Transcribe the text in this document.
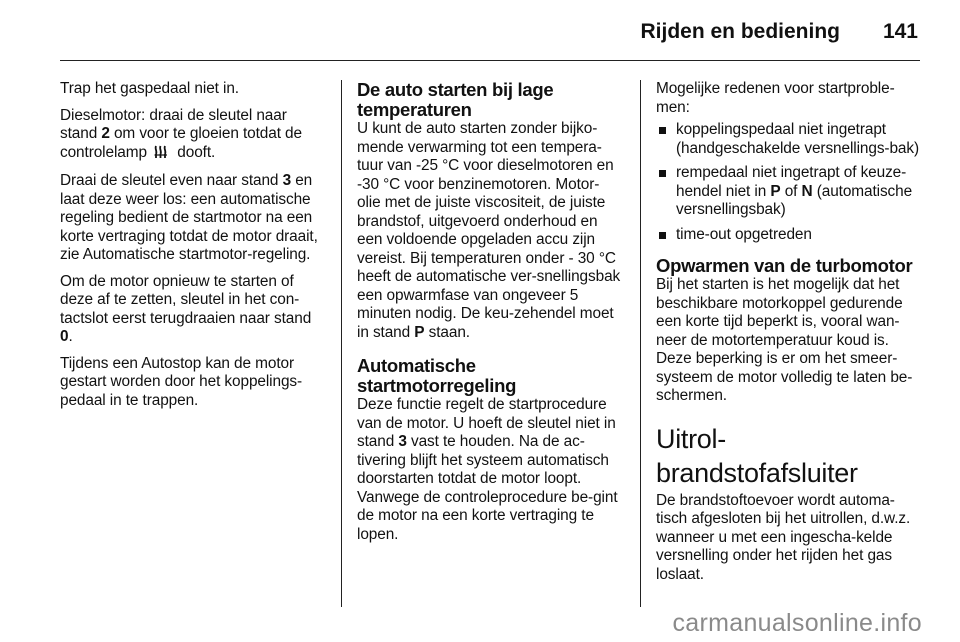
Rijden en bediening 141

Trap het gaspedaal niet in.

Dieselmotor: draai de sleutel naar stand 2 om voor te gloeien totdat de controlelamp  dooft.

Draai de sleutel even naar stand 3 en laat deze weer los: een automatische regeling bedient de startmotor na een korte vertraging totdat de motor draait, zie Automatische startmotor-regeling.

Om de motor opnieuw te starten of deze af te zetten, sleutel in het con-tactslot eerst terugdraaien naar stand 0.

Tijdens een Autostop kan de motor gestart worden door het koppelings-pedaal in te trappen.

De auto starten bij lage temperaturen

U kunt de auto starten zonder bijko-mende verwarming tot een tempera-tuur van -25 °C voor dieselmotoren en -30 °C voor benzinemotoren. Motor-olie met de juiste viscositeit, de juiste brandstof, uitgevoerd onderhoud en een voldoende opgeladen accu zijn vereist. Bij temperaturen onder - 30 °C heeft de automatische ver-snellingsbak een opwarmfase van ongeveer 5 minuten nodig. De keu-zehendel moet in stand P staan.

Automatische startmotorregeling

Deze functie regelt de startprocedure van de motor. U hoeft de sleutel niet in stand 3 vast te houden. Na de ac-tivering blijft het systeem automatisch doorstarten totdat de motor loopt. Vanwege de controleprocedure be-gint de motor na een korte vertraging te lopen.

Mogelijke redenen voor startproble-men:

koppelingspedaal niet ingetrapt (handgeschakelde versnellings-bak)
rempedaal niet ingetrapt of keuze-hendel niet in P of N (automatische versnellingsbak)
time-out opgetreden
Opwarmen van de turbomotor

Bij het starten is het mogelijk dat het beschikbare motorkoppel gedurende een korte tijd beperkt is, vooral wan-neer de motortemperatuur koud is. Deze beperking is er om het smeer-systeem de motor volledig te laten be-schermen.

Uitrol-brandstofafsluiter

De brandstoftoevoer wordt automa-tisch afgesloten bij het uitrollen, d.w.z. wanneer u met een ingescha-kelde versnelling onder het rijden het gas loslaat.

carmanualsonline.info
